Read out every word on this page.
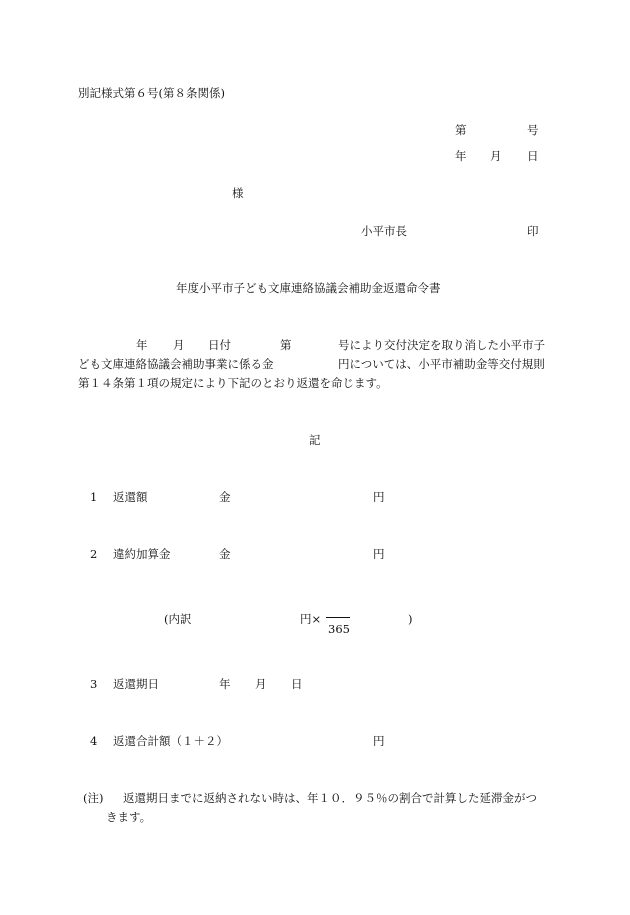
別記様式第６号(第８条関係)
第	号
年 月 日
様
小平市長	印
年度小平市子ども文庫連絡協議会補助金返還命令書
年 月 日付	第	号により交付決定を取り消した小平市子
ども文庫連絡協議会補助事業に係る金	円については、小平市補助金等交付規則
第１４条第１項の規定により下記のとおり返還を命じます。
記
1 返還額	金	円
2 違約加算金	金	円
(内訳	円×
365
)
3 返還期日	年 月 日
4 返還合計額（１＋２）	円
(注) 返還期日までに返納されない時は、年１０．９５％の割合で計算した延滞金がつ
きます。
